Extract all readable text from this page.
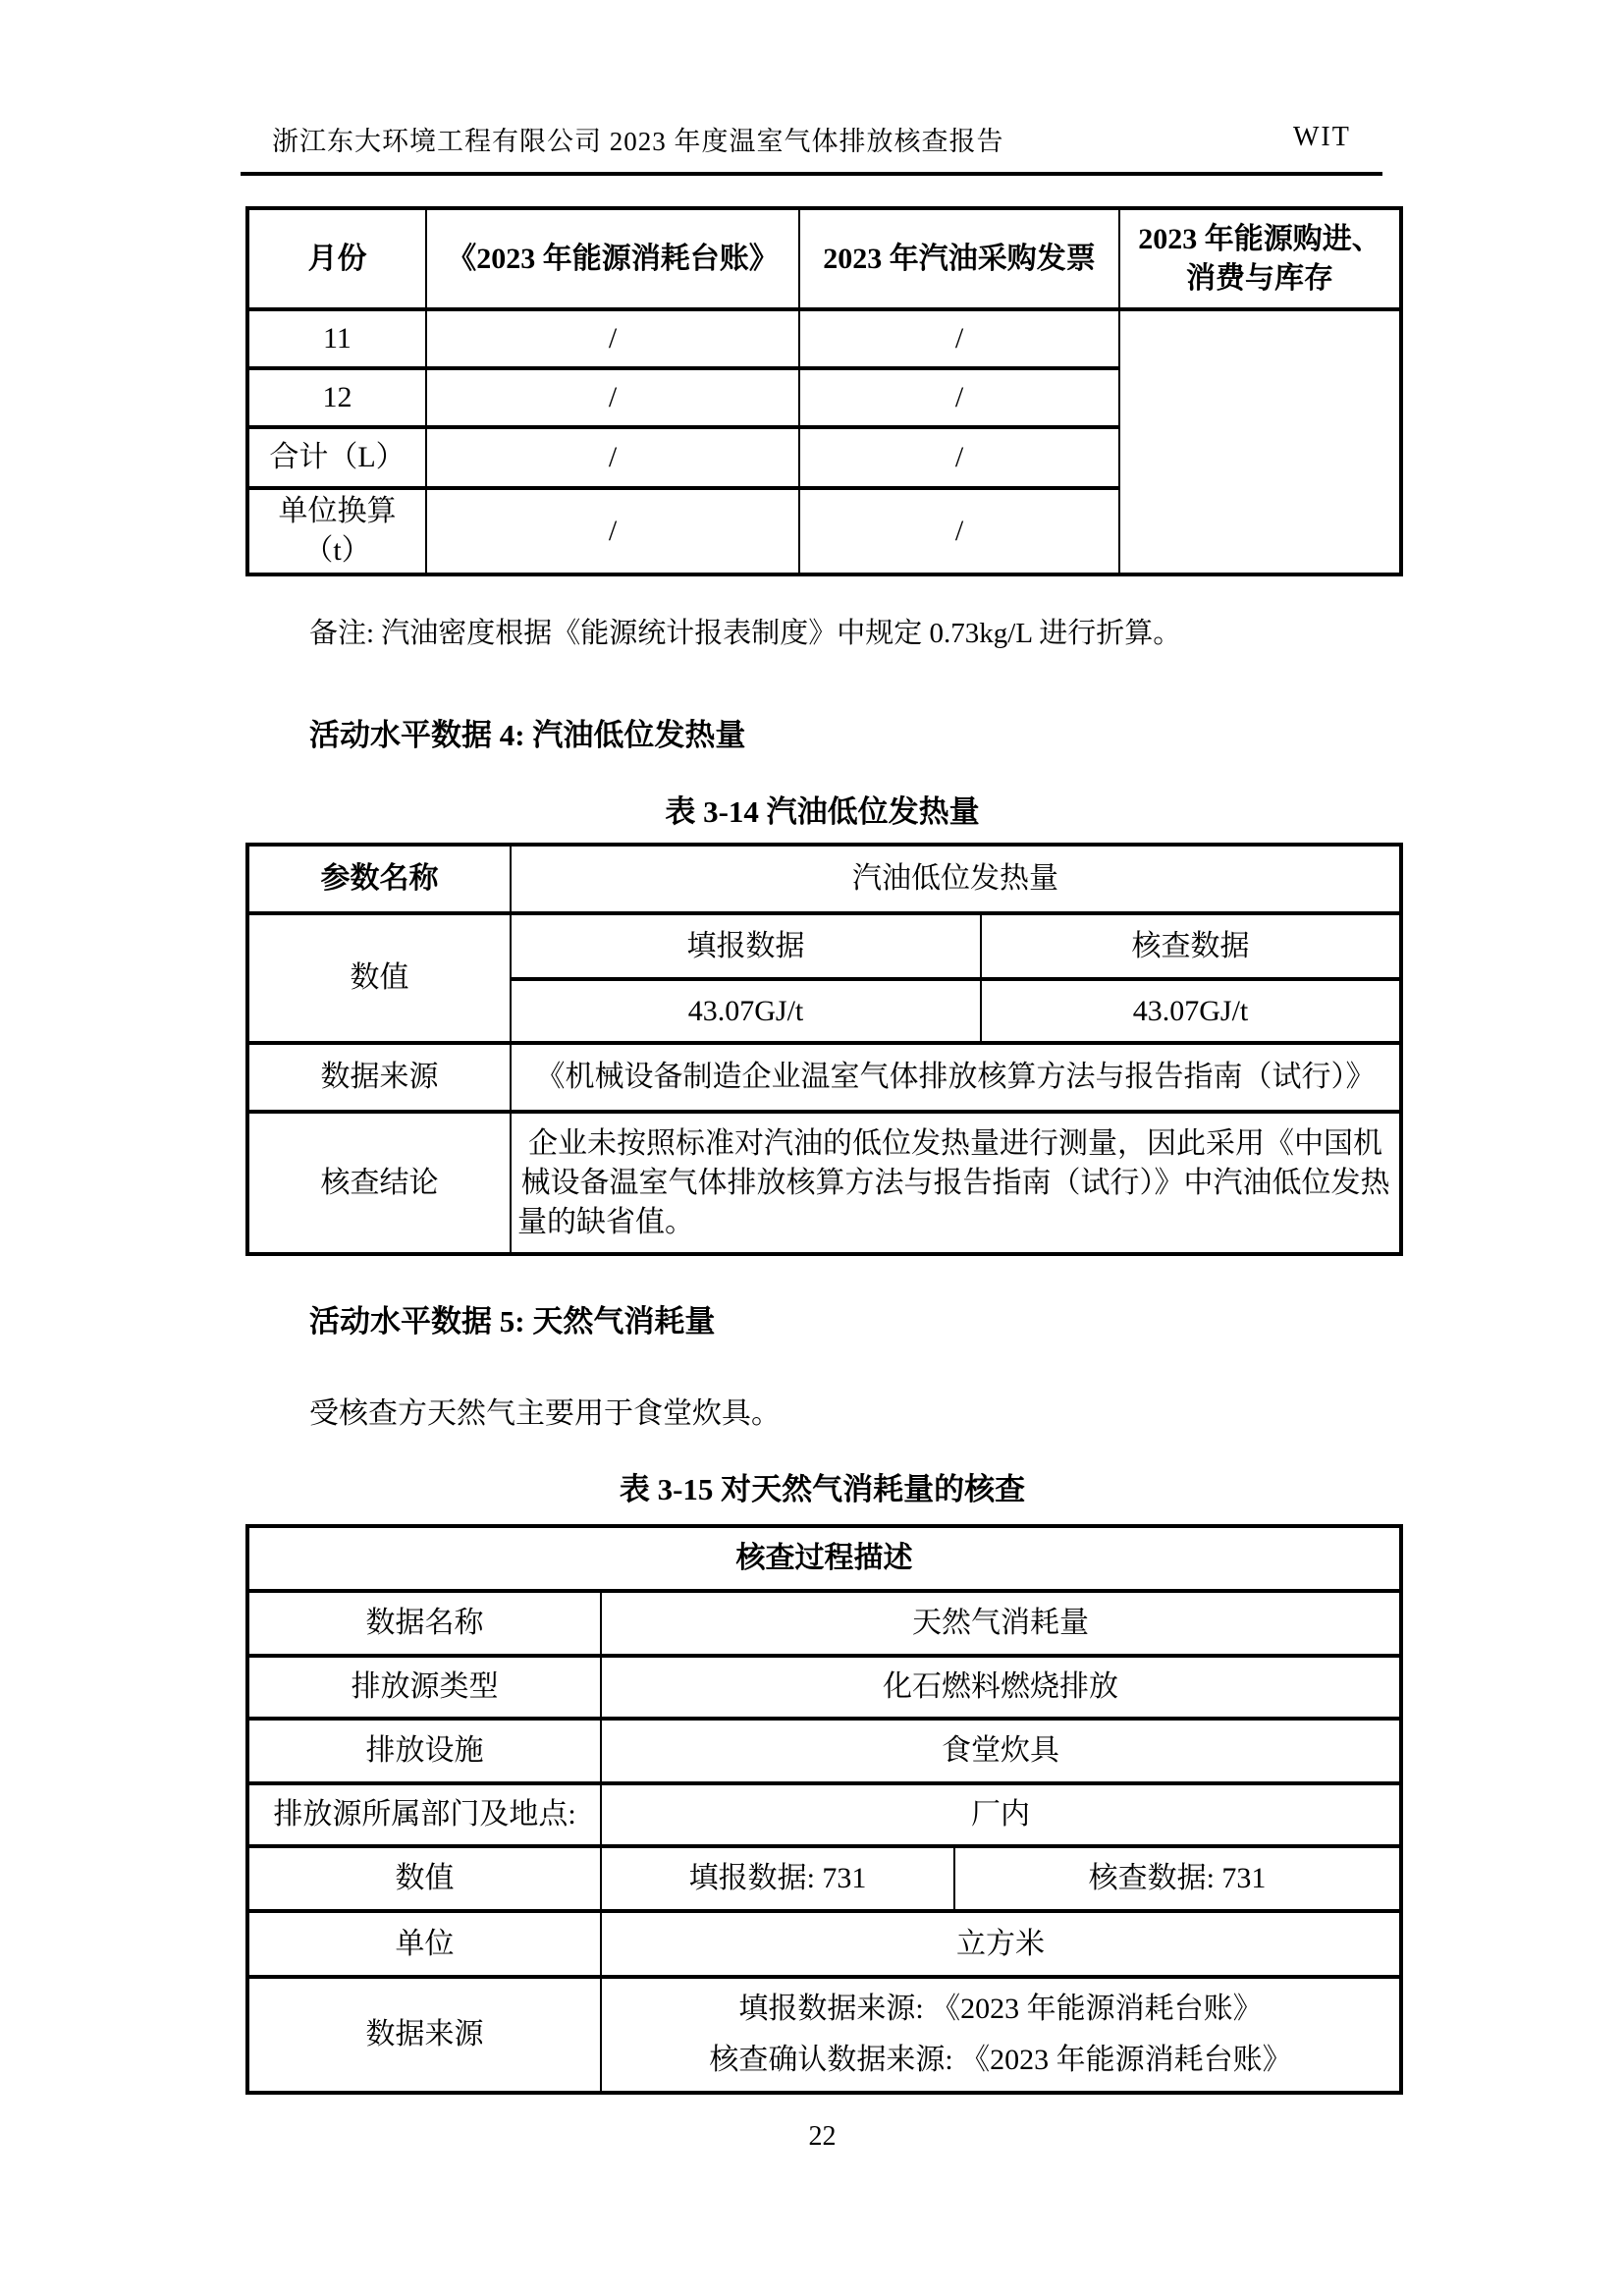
浙江东大环境工程有限公司 2023 年度温室气体排放核查报告	WIT
月份	《2023 年能源消耗台账》	2023 年汽油采购发票	2023 年能源购进、
消费与库存

11	/	/	
12	/	/	
合计（L）	/	/	

单位换算
（t）	/	/	
备注: 汽油密度根据《能源统计报表制度》中规定 0.73kg/L 进行折算。
活动水平数据 4: 汽油低位发热量
表 3-14 汽油低位发热量
参数名称	汽油低位发热量	
数值	填报数据	核查数据
	43.07GJ/t	43.07GJ/t
数据来源	《机械设备制造企业温室气体排放核算方法与报告指南（试行）》	
核查结论	企业未按照标准对汽油的低位发热量进行测量，因此采用《中国机械设备温室气体排放核算方法与报告指南（试行）》中汽油低位发热量的缺省值。	
活动水平数据 5: 天然气消耗量
受核查方天然气主要用于食堂炊具。
表 3-15 对天然气消耗量的核查
核查过程描述		
数据名称	天然气消耗量	
排放源类型	化石燃料燃烧排放	
排放设施	食堂炊具	
排放源所属部门及地点:	厂内	
数值	填报数据: 731	核查数据: 731
单位	立方米	
数据来源	填报数据来源: 《2023 年能源消耗台账》
核查确认数据来源: 《2023 年能源消耗台账》	
22
